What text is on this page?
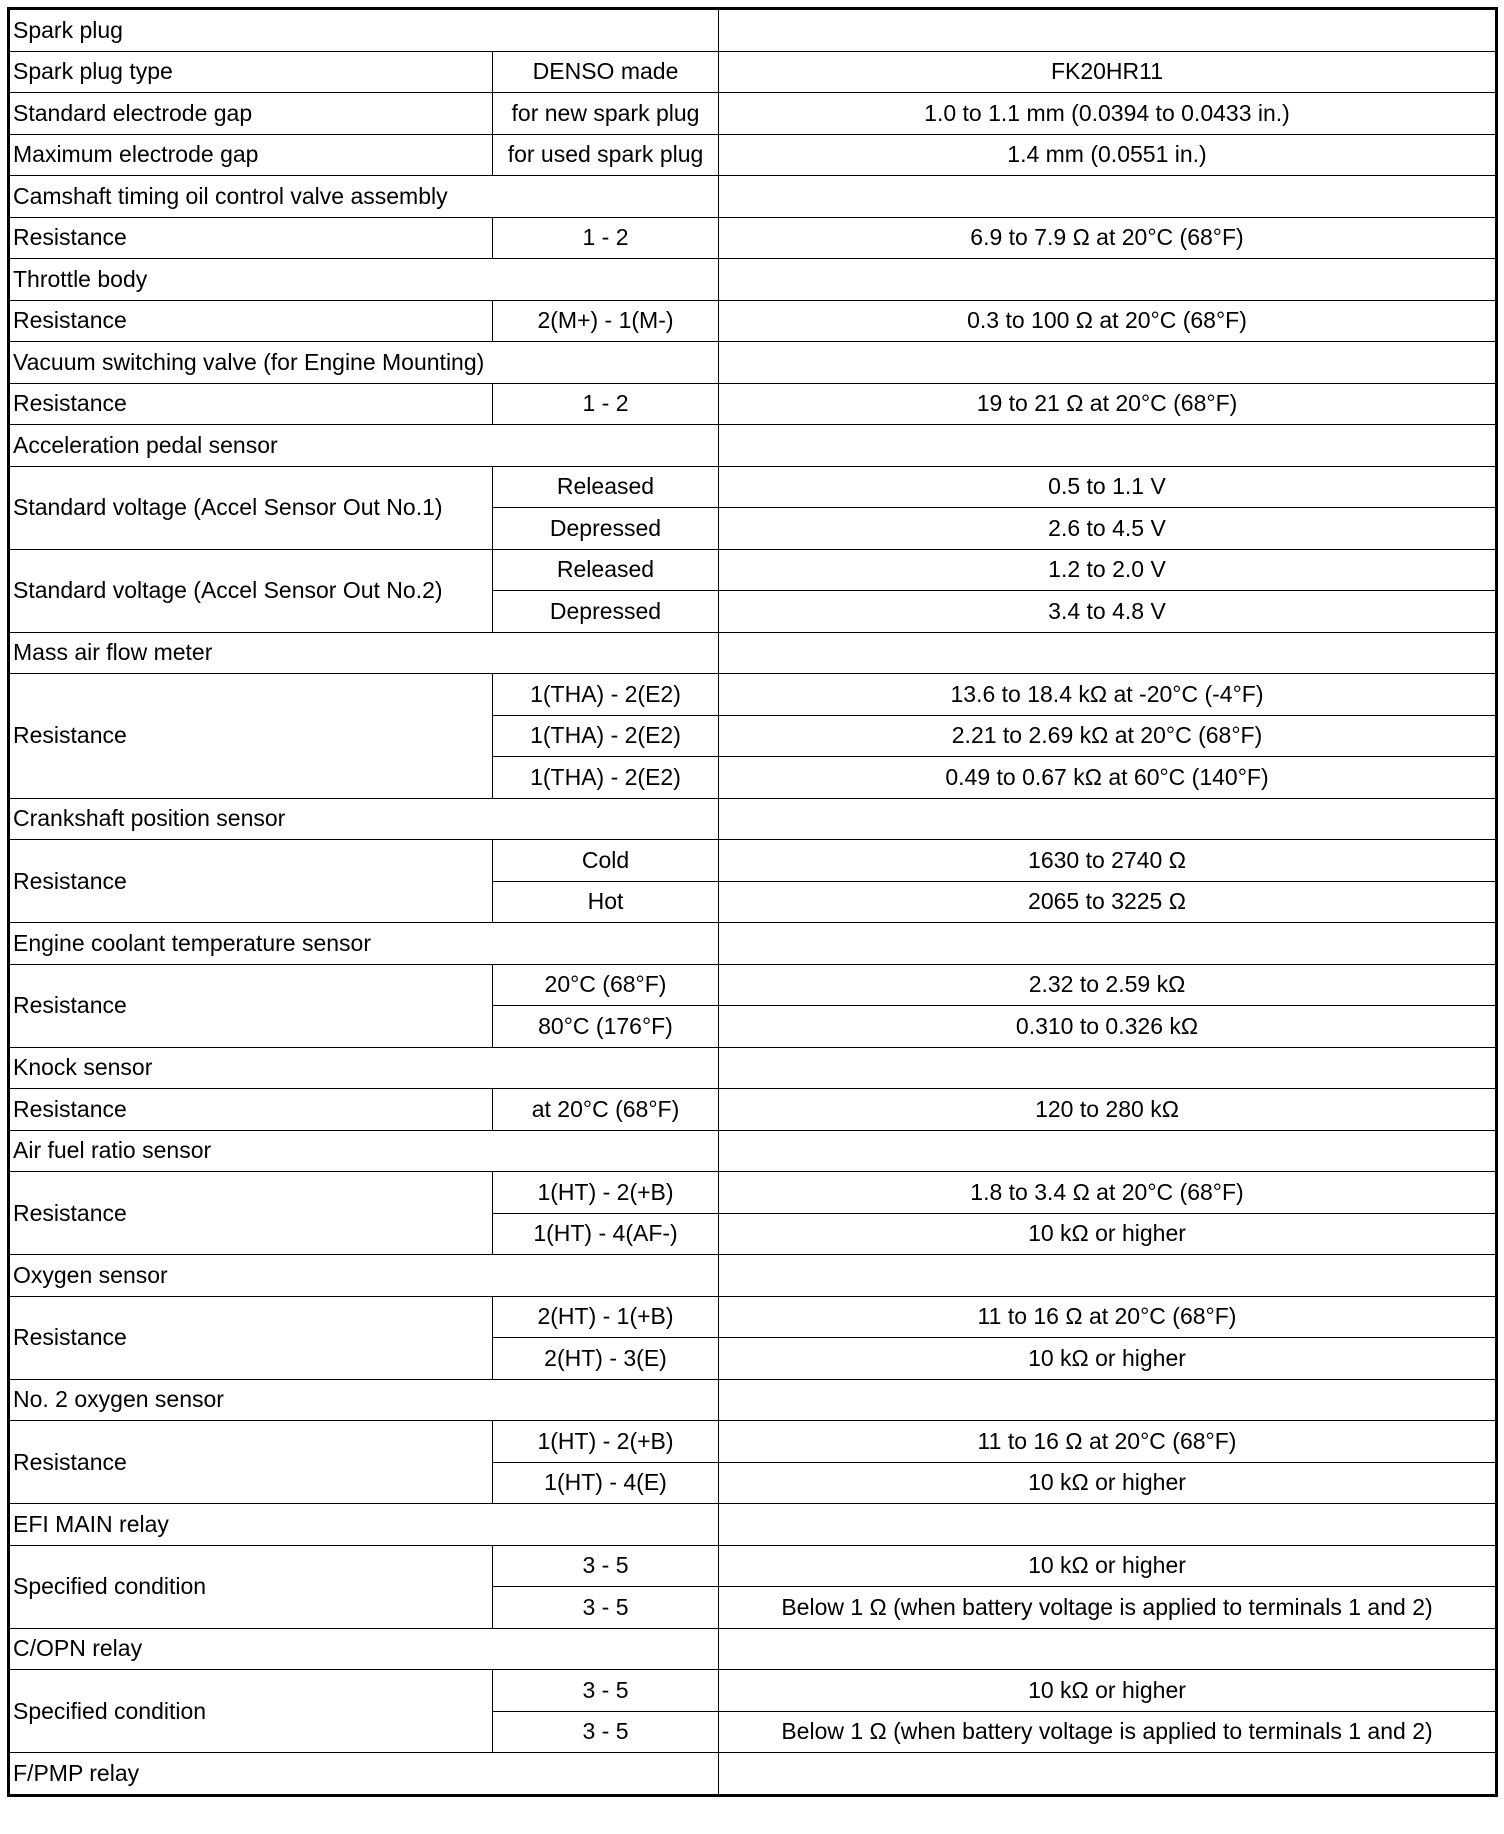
Spark plug		
Spark plug type	DENSO made	FK20HR11
Standard electrode gap	for new spark plug	1.0 to 1.1 mm (0.0394 to 0.0433 in.)
Maximum electrode gap	for used spark plug	1.4 mm (0.0551 in.)
Camshaft timing oil control valve assembly		
Resistance	1 - 2	6.9 to 7.9 Ω at 20°C (68°F)
Throttle body		
Resistance	2(M+) - 1(M-)	0.3 to 100 Ω at 20°C (68°F)
Vacuum switching valve (for Engine Mounting)		
Resistance	1 - 2	19 to 21 Ω at 20°C (68°F)
Acceleration pedal sensor		
Standard voltage (Accel Sensor Out No.1)	Released	0.5 to 1.1 V
	Depressed	2.6 to 4.5 V
Standard voltage (Accel Sensor Out No.2)	Released	1.2 to 2.0 V
	Depressed	3.4 to 4.8 V
Mass air flow meter		
Resistance	1(THA) - 2(E2)	13.6 to 18.4 kΩ at -20°C (-4°F)
	1(THA) - 2(E2)	2.21 to 2.69 kΩ at 20°C (68°F)
	1(THA) - 2(E2)	0.49 to 0.67 kΩ at 60°C (140°F)
Crankshaft position sensor		
Resistance	Cold	1630 to 2740 Ω
	Hot	2065 to 3225 Ω
Engine coolant temperature sensor		
Resistance	20°C (68°F)	2.32 to 2.59 kΩ
	80°C (176°F)	0.310 to 0.326 kΩ
Knock sensor		
Resistance	at 20°C (68°F)	120 to 280 kΩ
Air fuel ratio sensor		
Resistance	1(HT) - 2(+B)	1.8 to 3.4 Ω at 20°C (68°F)
	1(HT) - 4(AF-)	10 kΩ or higher
Oxygen sensor		
Resistance	2(HT) - 1(+B)	11 to 16 Ω at 20°C (68°F)
	2(HT) - 3(E)	10 kΩ or higher
No. 2 oxygen sensor		
Resistance	1(HT) - 2(+B)	11 to 16 Ω at 20°C (68°F)
	1(HT) - 4(E)	10 kΩ or higher
EFI MAIN relay		
Specified condition	3 - 5	10 kΩ or higher
	3 - 5	Below 1 Ω (when battery voltage is applied to terminals 1 and 2)
C/OPN relay		
Specified condition	3 - 5	10 kΩ or higher
	3 - 5	Below 1 Ω (when battery voltage is applied to terminals 1 and 2)
F/PMP relay		
